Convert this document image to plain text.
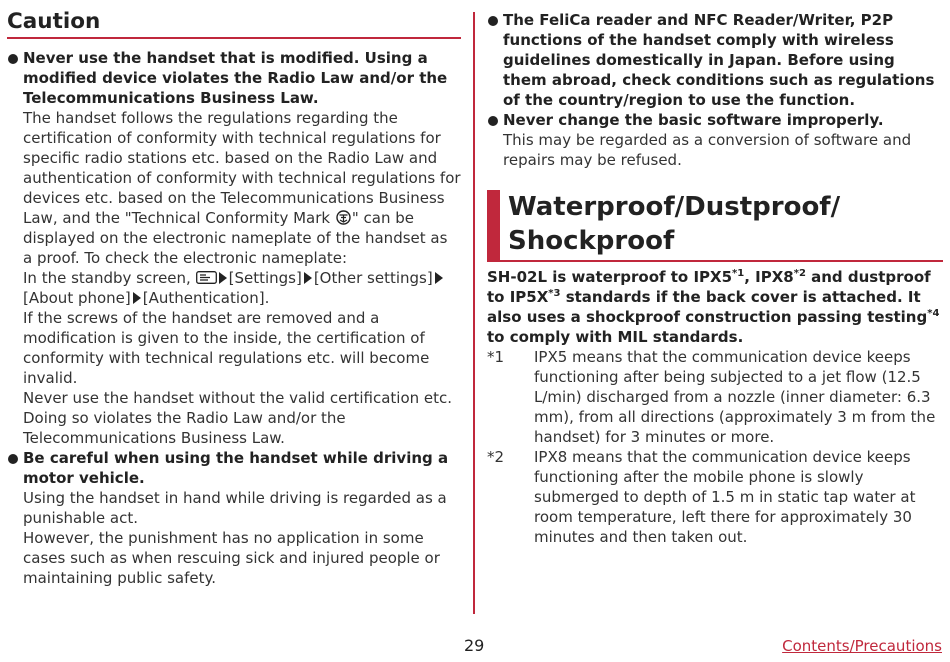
Caution
Never use the handset that is modified. Using a modified device violates the Radio Law and/or the Telecommunications Business Law.
The handset follows the regulations regarding the certification of conformity with technical regulations for specific radio stations etc. based on the Radio Law and authentication of conformity with technical regulations for devices etc. based on the Telecommunications Business Law, and the "Technical Conformity Mark " can be displayed on the electronic nameplate of the handset as a proof. To check the electronic nameplate:
In the standby screen,	[Settings] [Other settings][About phone] [Authentication].
If the screws of the handset are removed and a modification is given to the inside, the certification of conformity with technical regulations etc. will become invalid.
Never use the handset without the valid certification etc. Doing so violates the Radio Law and/or the Telecommunications Business Law.
Be careful when using the handset while driving a motor vehicle.
Using the handset in hand while driving is regarded as a punishable act.
However, the punishment has no application in some cases such as when rescuing sick and injured people or maintaining public safety.
The FeliCa reader and NFC Reader/Writer, P2P functions of the handset comply with wireless guidelines domestically in Japan. Before using them abroad, check conditions such as regulations of the country/region to use the function.
Never change the basic software improperly.
This may be regarded as a conversion of software and repairs may be refused.
Waterproof/Dustproof/
Shockproof
SH-02L is waterproof to IPX5$^{*1}$, IPX8$^{*2}$ and dustproof to $IP5X^{*3}$ standards if the back cover is attached. It also uses a shockproof construction passing testing$^{*4}$ to comply with MIL standards.
*1	IPX5 means that the communication device keeps functioning after being subjected to a jet flow (12.5 L/min) discharged from a nozzle (inner diameter: 6.3 mm), from all directions (approximately 3 m from the handset) for 3 minutes or more.
*2	IPX8 means that the communication device keeps functioning after the mobile phone is slowly submerged to depth of 1.5 m in static tap water at room temperature, left there for approximately 30 minutes and then taken out.
29	Contents/Precautions
